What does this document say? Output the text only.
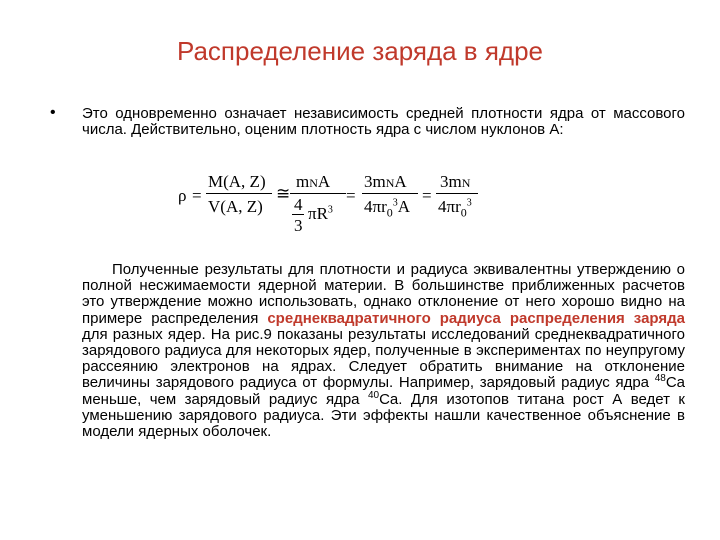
Распределение заряда в ядре
• Это одновременно означает независимость средней плотности ядра от массового числа. Действительно, оценим плотность ядра с числом нуклонов А:
ρ =
M(A, Z)
V(A, Z)
≅
mNA
4
3
$\pi R^3$
=
3mNA
$4\pi r_0^3A$
=
3mN
$4\pi r_0^3$

Полученные результаты для плотности и радиуса эквивалентны утверждению о полной несжимаемости ядерной материи. В большинстве приближенных расчетов это утверждение можно использовать, однако отклонение от него хорошо видно на примере распределения среднеквадратичного радиуса распределения заряда для разных ядер. На рис.9 показаны результаты исследований среднеквадратичного зарядового радиуса для некоторых ядер, полученные в экспериментах по неупругому рассеянию электронов на ядрах. Следует обратить внимание на отклонение величины зарядового радиуса от формулы. Например, зарядовый радиус ядра $^{48}$Ca меньше, чем зарядовый радиус ядра $^{40}$Ca. Для изотопов титана рост А ведет к уменьшению зарядового радиуса. Эти эффекты нашли качественное объяснение в модели ядерных оболочек.
